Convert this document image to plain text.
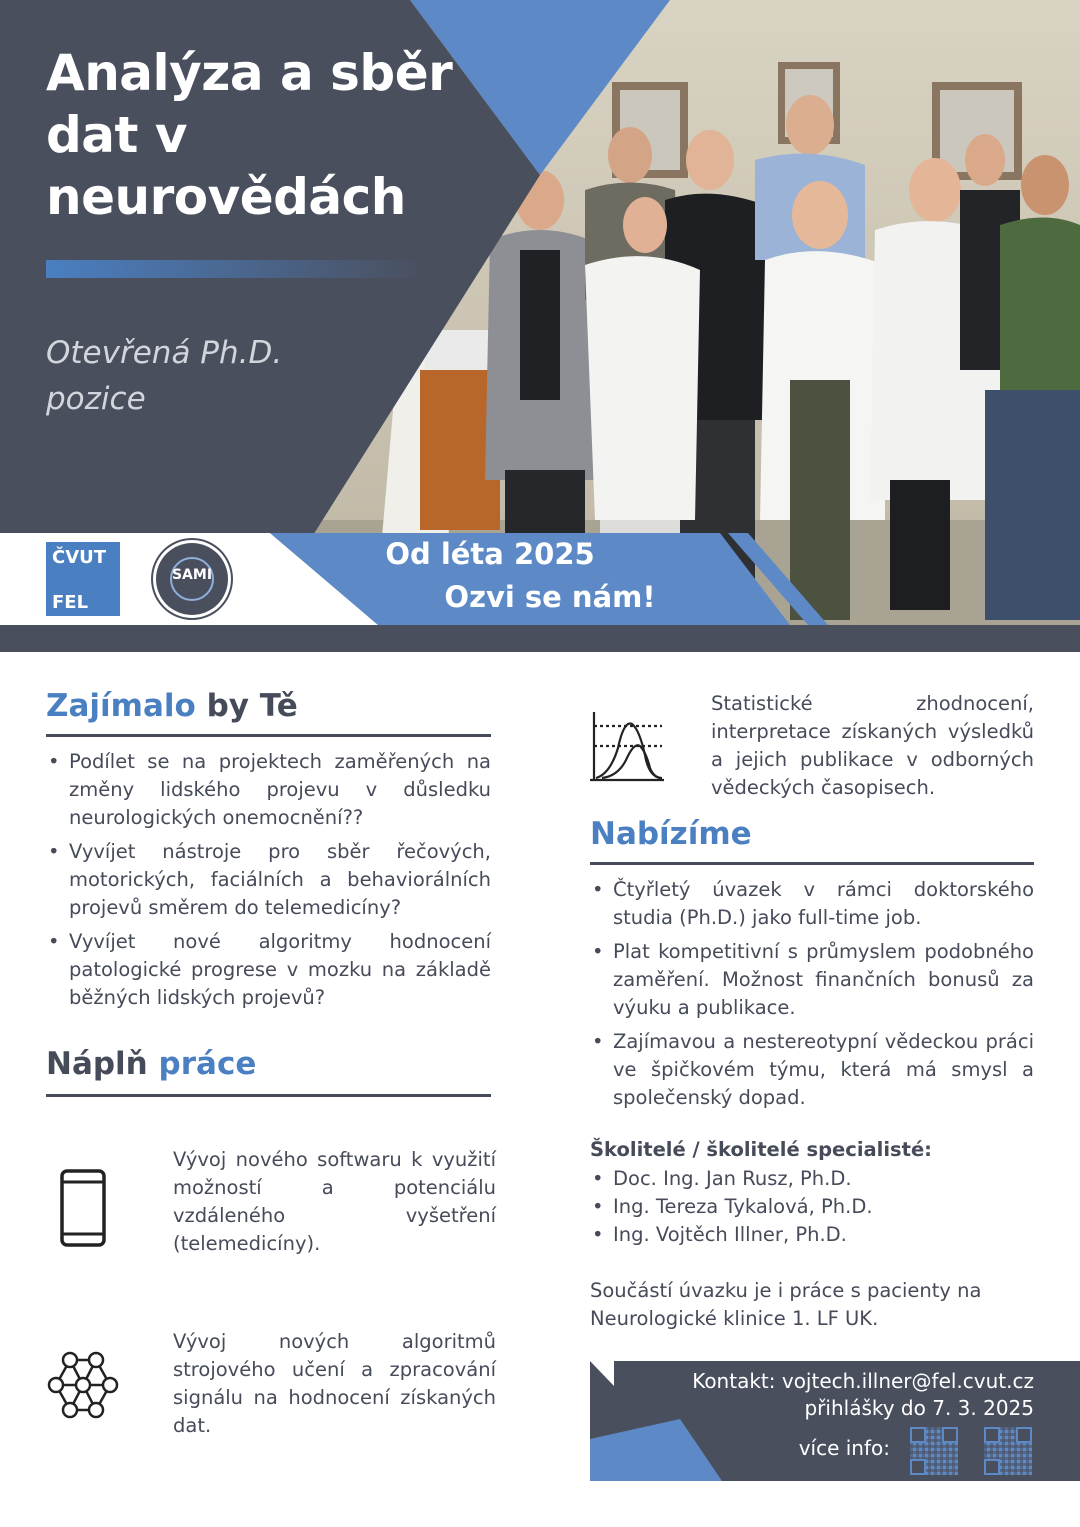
Analýza a sběr dat v neurovědách
Otevřená Ph.D. pozice
ČVUT
FEL
SAMI
Od léta 2025
Ozvi se nám!
Zajímalo by Tě
• Podílet se na projektech zaměřených na změny lidského projevu v důsledku neurologických onemocnění??
• Vyvíjet nástroje pro sběr řečových, motorických, faciálních a behaviorálních projevů směrem do telemedicíny?
• Vyvíjet nové algoritmy hodnocení patologické progrese v mozku na základě běžných lidských projevů?
Náplň práce
Vývoj nového softwaru k využití možností a potenciálu vzdáleného vyšetření (telemedicíny).
Vývoj nových algoritmů strojového učení a zpracování signálu na hodnocení získaných dat.
Statistické zhodnocení, interpretace získaných výsledků a jejich publikace v odborných vědeckých časopisech.
Nabízíme
• Čtyřletý úvazek v rámci doktorského studia (Ph.D.) jako full-time job.
• Plat kompetitivní s průmyslem podobného zaměření. Možnost finančních bonusů za výuku a publikace.
• Zajímavou a nestereotypní vědeckou práci ve špičkovém týmu, která má smysl a společenský dopad.
Školitelé / školitelé specialisté:
• Doc. Ing. Jan Rusz, Ph.D.
• Ing. Tereza Tykalová, Ph.D.
• Ing. Vojtěch Illner, Ph.D.
Součástí úvazku je i práce s pacienty na Neurologické klinice 1. LF UK.
Kontakt: vojtech.illner@fel.cvut.cz
přihlášky do 7. 3. 2025
více info:
